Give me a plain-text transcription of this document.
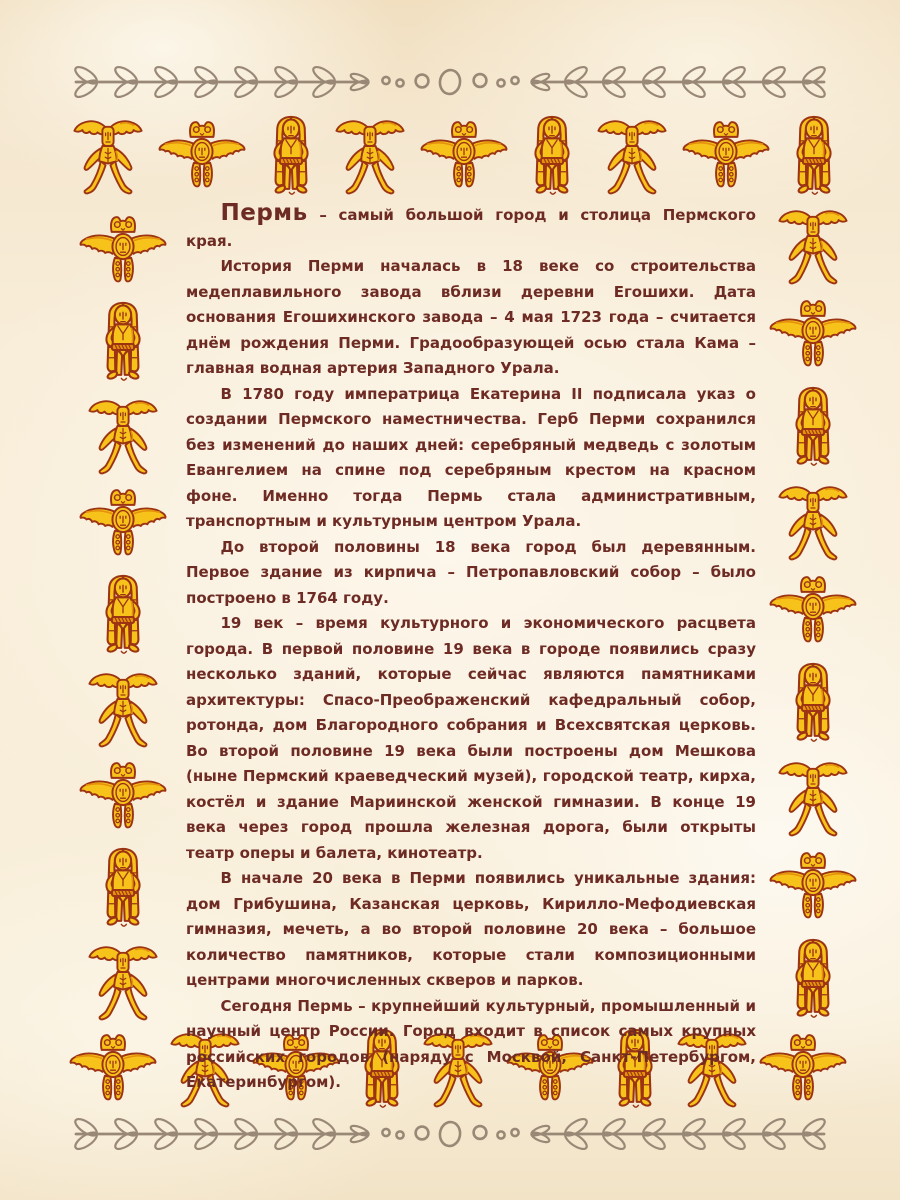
Пермь – самый большой город и столица Пермского края.

История Перми началась в 18 веке со строительства медеплавильного завода вблизи деревни Егошихи. Дата основания Егошихинского завода – 4 мая 1723 года – считается днём рождения Перми. Градообразующей осью стала Кама – главная водная артерия Западного Урала.

В 1780 году императрица Екатерина II подписала указ о создании Пермского наместничества. Герб Перми сохранился без изменений до наших дней: серебряный медведь с золотым Евангелием на спине под серебряным крестом на красном фоне. Именно тогда Пермь стала административным, транспортным и культурным центром Урала.

До второй половины 18 века город был деревянным. Первое здание из кирпича – Петропавловский собор – было построено в 1764 году.

19 век – время культурного и экономического расцвета города. В первой половине 19 века в городе появились сразу несколько зданий, которые сейчас являются памятниками архитектуры: Спасо-Преображенский кафедральный собор, ротонда, дом Благородного собрания и Всехсвятская церковь. Во второй половине 19 века были построены дом Мешкова (ныне Пермский краеведческий музей), городской театр, кирха, костёл и здание Мариинской женской гимназии. В конце 19 века через город прошла железная дорога, были открыты театр оперы и балета, кинотеатр.

В начале 20 века в Перми появились уникальные здания: дом Грибушина, Казанская церковь, Кирилло-Мефодиевская гимназия, мечеть, а во второй половине 20 века – большое количество памятников, которые стали композиционными центрами многочисленных скверов и парков.

Сегодня Пермь – крупнейший культурный, промышленный и научный центр России. Город входит в список самых крупных российских городов (наряду с Москвой, Санкт-Петербургом, Екатеринбургом).
